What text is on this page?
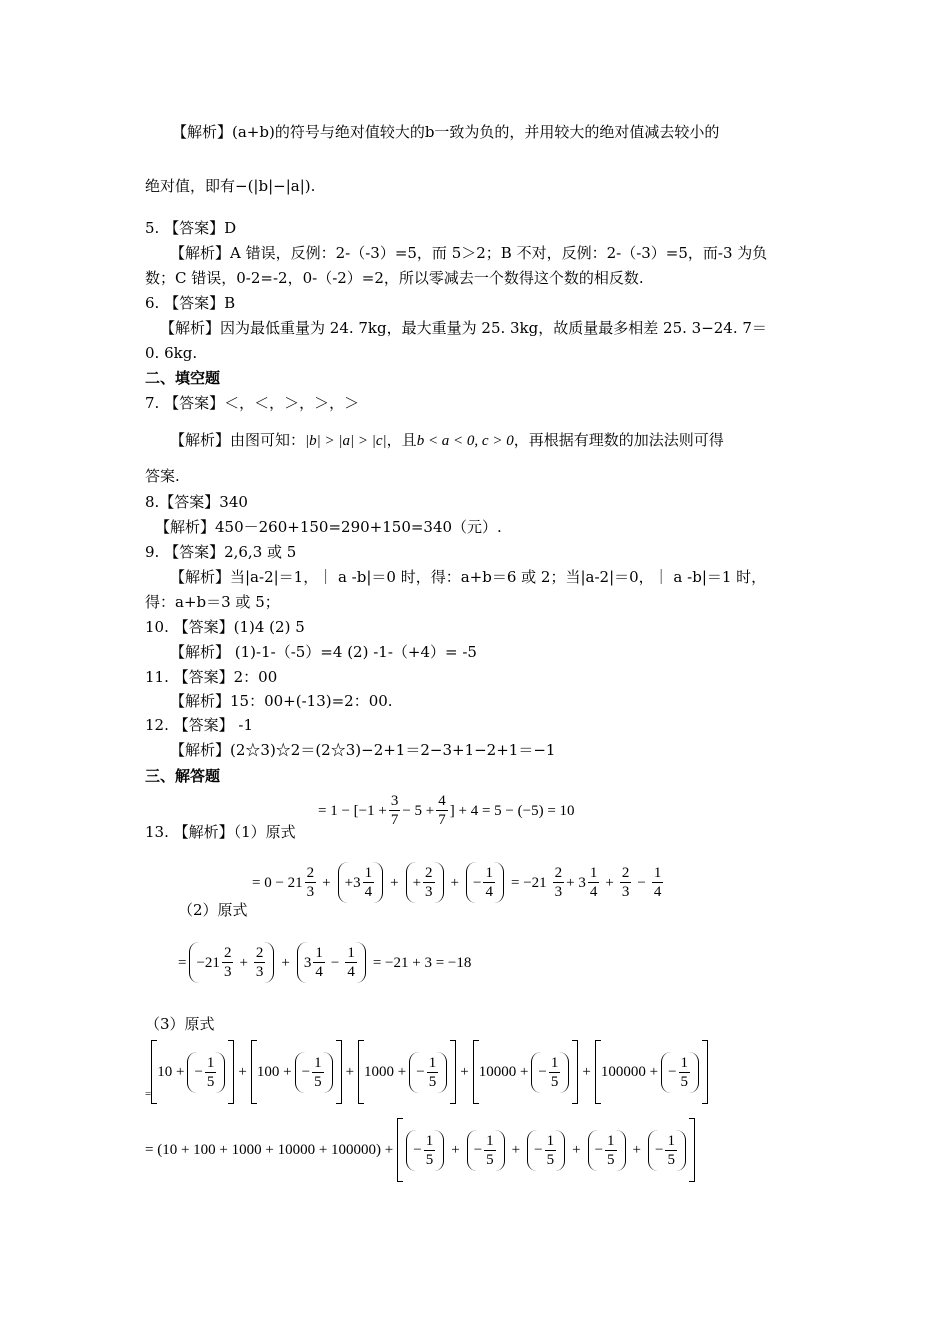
【解析】(a+b)的符号与绝对值较大的b一致为负的，并用较大的绝对值减去较小的
绝对值，即有−(|b|−|a|).
5. 【答案】D
【解析】A 错误，反例：2-（-3）=5，而 5＞2；B 不对，反例：2-（-3）=5，而-3 为负
数；C 错误，0-2=-2，0-（-2）=2，所以零减去一个数得这个数的相反数.
6. 【答案】B
【解析】因为最低重量为 24. 7kg，最大重量为 25. 3kg，故质量最多相差 25. 3−24. 7＝
0. 6kg.
二、填空题
7. 【答案】＜，＜，＞，＞，＞
【解析】由图可知：|b| > |a| > |c|，且b < a < 0, c > 0，再根据有理数的加法法则可得
答案.
8.【答案】340
【解析】450－260+150=290+150=340（元）.
9. 【答案】2,6,3 或 5
【解析】当|a-2|＝1，｜ a -b|＝0 时，得：a+b＝6 或 2；当|a-2|＝0，｜ a -b|＝1 时，
得：a+b＝3 或 5；
10. 【答案】(1)4 (2) 5
【解析】 (1)-1-（-5）=4 (2) -1-（+4）= -5
11. 【答案】2：00
【解析】15：00+(-13)=2：00.
12. 【答案】 -1
【解析】(2☆3)☆2＝(2☆3)−2+1＝2−3+1−2+1＝−1
三、解答题
= $1 - [-1 + \frac{3}{7} - 5 + \frac{4}{7}$ ] + 4 = 5 − (−5) = 10
13. 【解析】（1）原式
= $0 - 21 \frac{2}{3} + +3 \frac{1}{4}$ + + $\frac{2}{3}$ + − $\frac{1}{4} = -21 \frac{2}{3} + 3 \frac{1}{4} + \frac{2}{3} - \frac{1}{4}$
（2）原式
= $-21 \frac{2}{3} + \frac{2}{3} + 3 \frac{1}{4} - \frac{1}{4} = -21 + 3 = -18$
（3）原式
=
10 + − $\frac{1}{5} + 100$ + − $\frac{1}{5} + 1000$ + − $\frac{1}{5} + 10000$ + − $\frac{1}{5} + 100000$ + − $\frac{1}{5}$
= (10 + 100 + 1000 + 10000 + 100000) + − $\frac{1}{5}$ + − $\frac{1}{5}$ + − $\frac{1}{5}$ + − $\frac{1}{5}$ + − $\frac{1}{5}$
